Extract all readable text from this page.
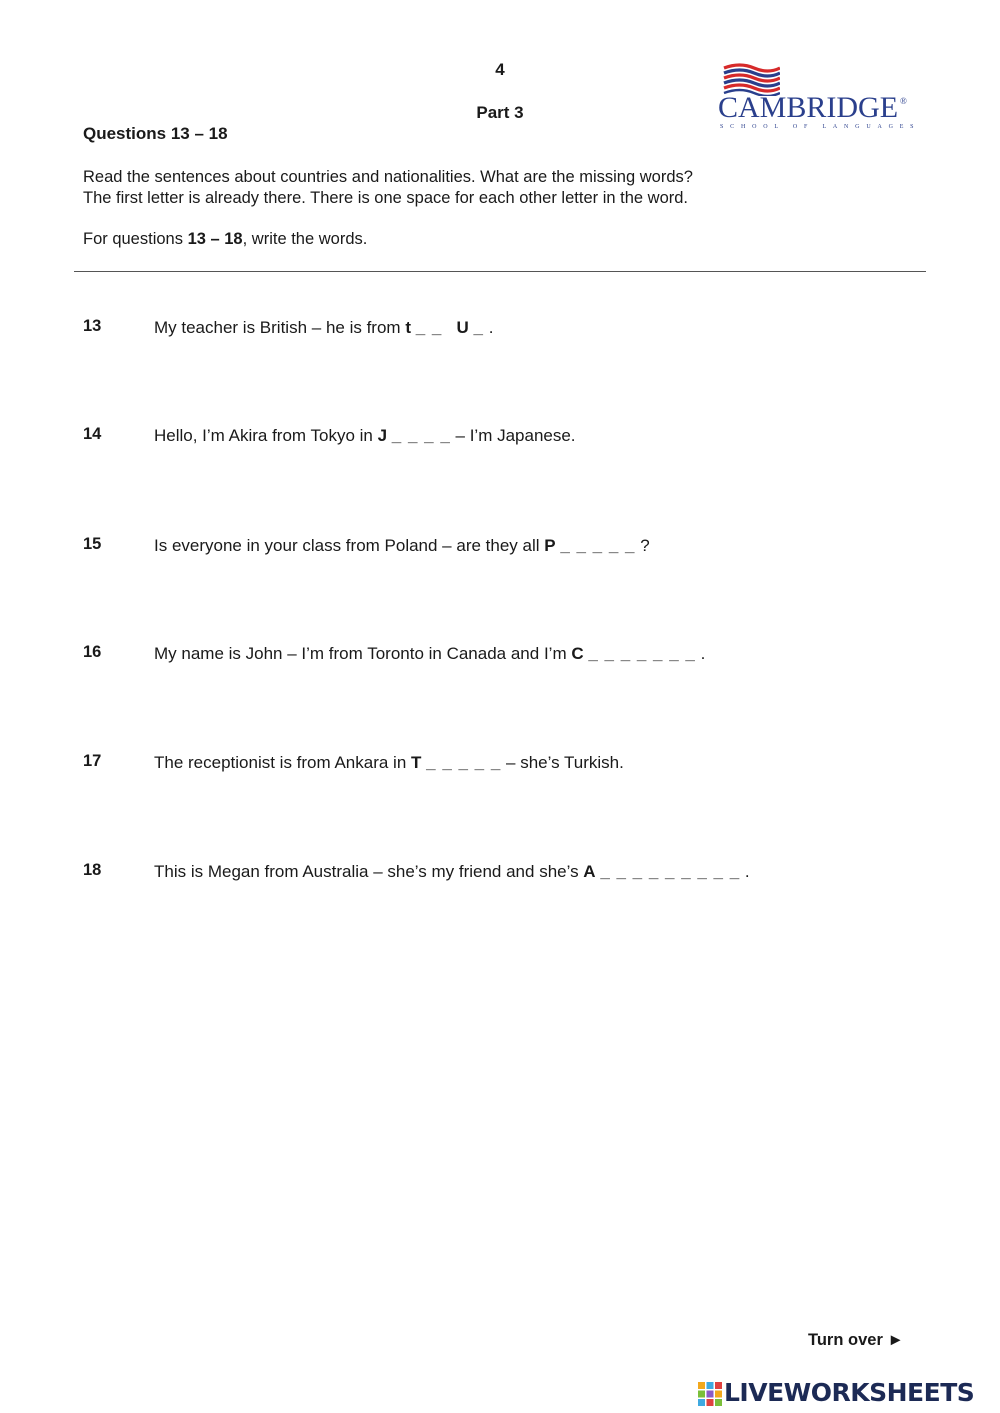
4
Part 3
Questions 13 – 18
CAMBRIDGE ®
SCHOOL OF LANGUAGES

Read the sentences about countries and nationalities. What are the missing words?

The first letter is already there. There is one space for each other letter in the word.

For questions 13 – 18, write the words.
13	My teacher is British – he is from t _ _ U _ .
14	Hello, I’m Akira from Tokyo in J _ _ _ _ – I’m Japanese.
15	Is everyone in your class from Poland – are they all P _ _ _ _ _ ?
16	My name is John – I’m from Toronto in Canada and I’m C _ _ _ _ _ _ _ .
17	The receptionist is from Ankara in T _ _ _ _ _ – she’s Turkish.
18	This is Megan from Australia – she’s my friend and she’s A _ _ _ _ _ _ _ _ _ .
Turn over ►
LIVEWORKSHEETS
